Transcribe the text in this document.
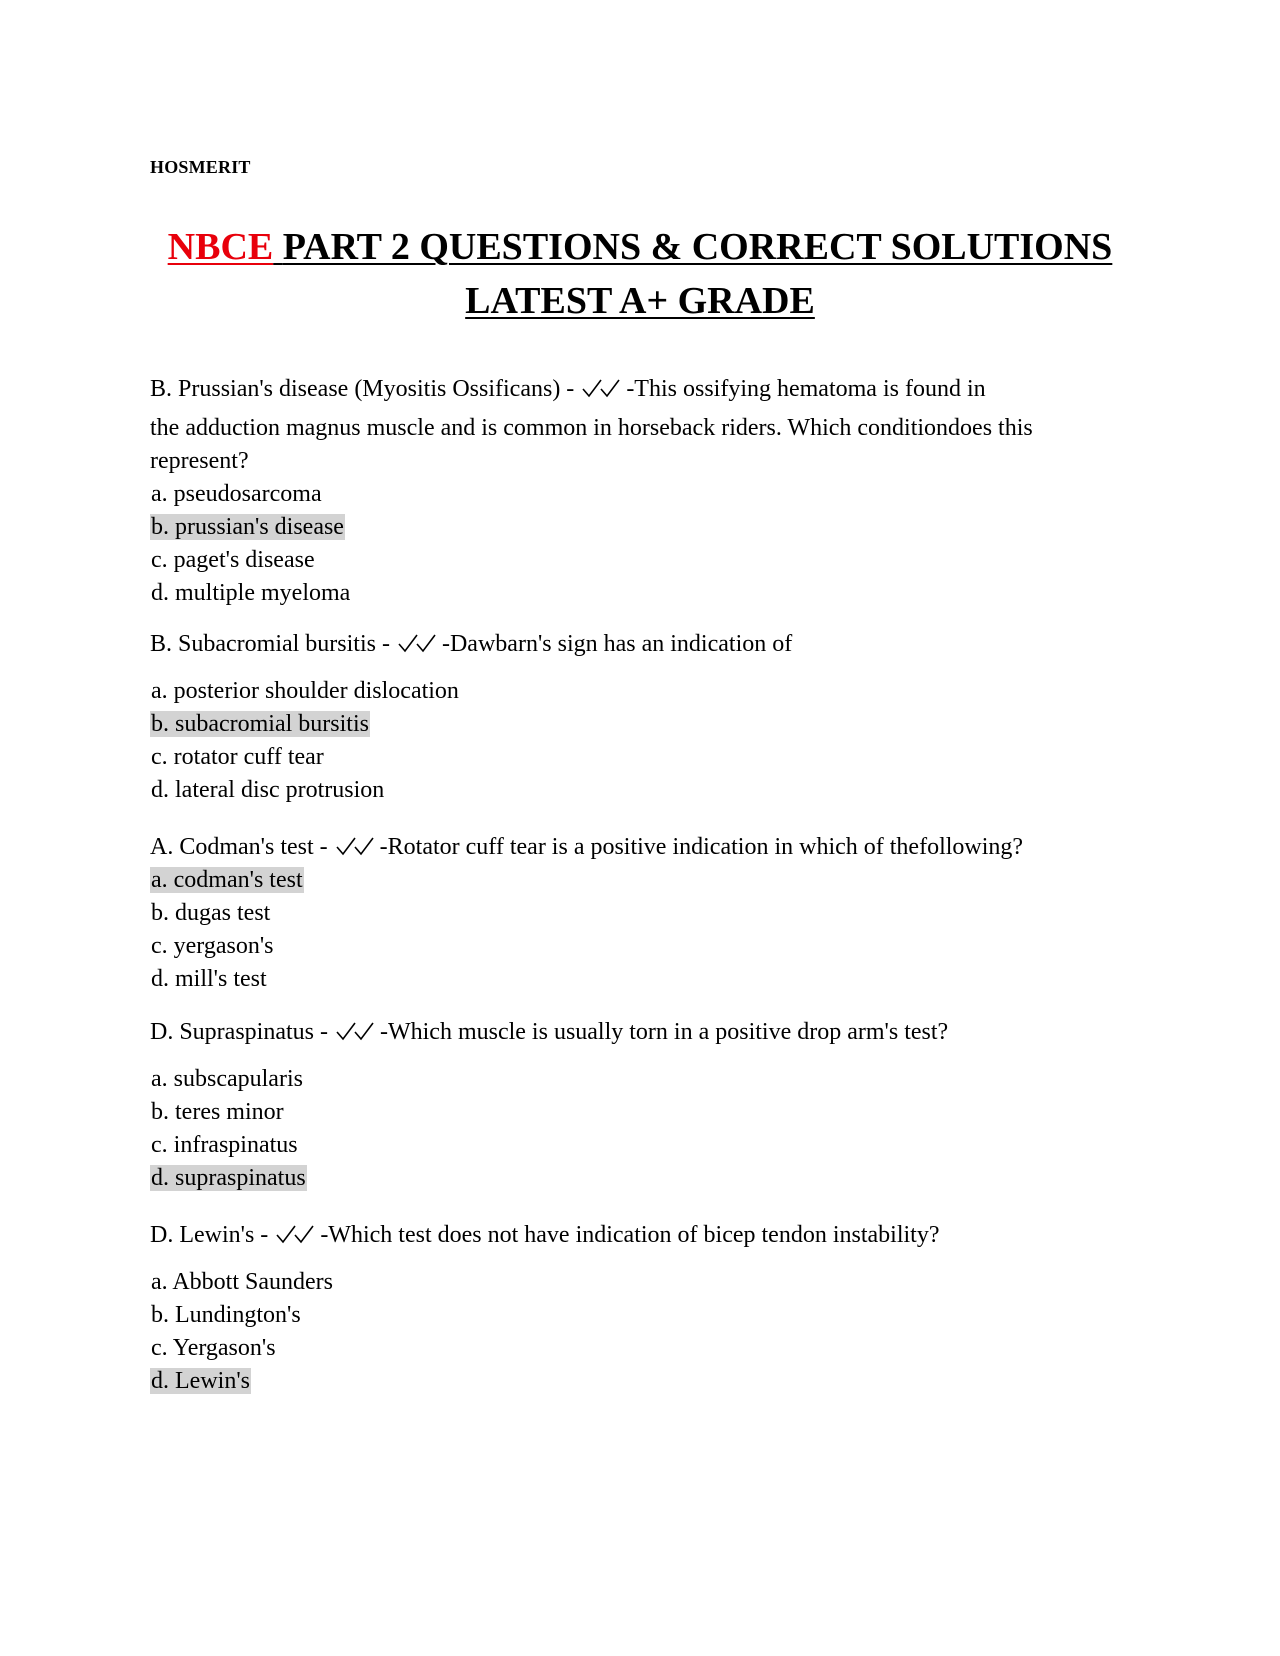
HOSMERIT
NBCE PART 2 QUESTIONS & CORRECT SOLUTIONS
LATEST A+ GRADE
B. Prussian's disease (Myositis Ossificans) - -This ossifying hematoma is found in
the adduction magnus muscle and is common in horseback riders. Which conditiondoes this represent?
a. pseudosarcoma
b. prussian's disease
c. paget's disease
d. multiple myeloma
B. Subacromial bursitis - -Dawbarn's sign has an indication of
a. posterior shoulder dislocation
b. subacromial bursitis
c. rotator cuff tear
d. lateral disc protrusion
A. Codman's test - -Rotator cuff tear is a positive indication in which of thefollowing?
a. codman's test
b. dugas test
c. yergason's
d. mill's test
D. Supraspinatus - -Which muscle is usually torn in a positive drop arm's test?
a. subscapularis
b. teres minor
c. infraspinatus
d. supraspinatus
D. Lewin's - -Which test does not have indication of bicep tendon instability?
a. Abbott Saunders
b. Lundington's
c. Yergason's
d. Lewin's
